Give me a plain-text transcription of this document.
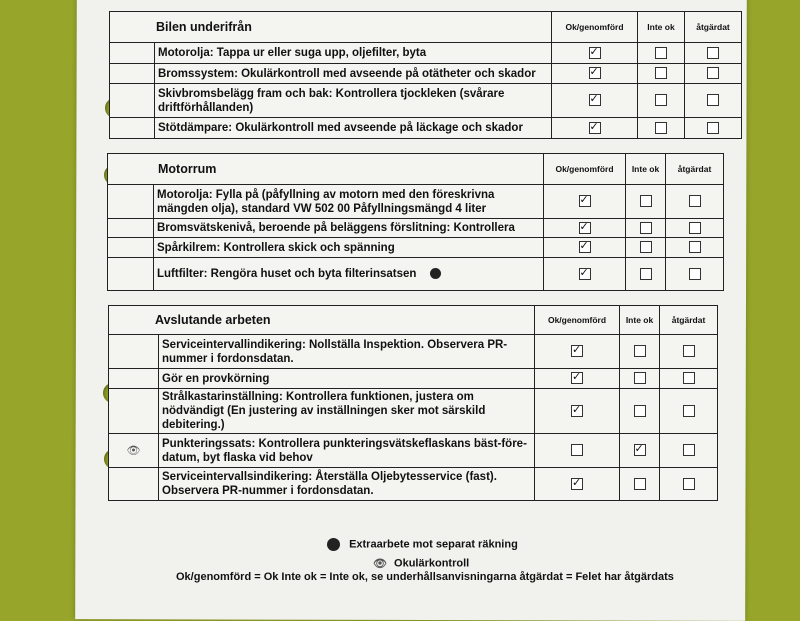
Bilen underifrån		Ok/genomförd	Inte ok	åtgärdat
	Motorolja: Tappa ur eller suga upp, oljefilter, byta	✓		
	Bromssystem: Okulärkontroll med avseende på otätheter och skador	✓		
	Skivbromsbelägg fram och bak: Kontrollera tjockleken (svårare driftförhållanden)	✓		
	Stötdämpare: Okulärkontroll med avseende på läckage och skador	✓		
Motorrum		Ok/genomförd	Inte ok	åtgärdat
	Motorolja: Fylla på (påfyllning av motorn med den föreskrivna mängden olja), standard VW 502 00 Påfyllningsmängd 4 liter	✓		
	Bromsvätskenivå, beroende på beläggens förslitning: Kontrollera	✓		
	Spårkilrem: Kontrollera skick och spänning	✓		
	Luftfilter: Rengöra huset och byta filterinsatsen	✓		
Avslutande arbeten		Ok/genomförd	Inte ok	åtgärdat
	Serviceintervallindikering: Nollställa Inspektion. Observera PR-nummer i fordonsdatan.	✓		
	Gör en provkörning	✓		
	Strålkastarinställning: Kontrollera funktionen, justera om nödvändigt (En justering av inställningen sker mot särskild debitering.)	✓		
👁	Punkteringssats: Kontrollera punkteringsvätskeflaskans bäst-före-datum, byt flaska vid behov		✓	
	Serviceintervallsindikering: Återställa Oljebytesservice (fast). Observera PR-nummer i fordonsdatan.	✓		
Extraarbete mot separat räkning
👁 Okulärkontroll
Ok/genomförd = Ok Inte ok = Inte ok, se underhållsanvisningarna åtgärdat = Felet har åtgärdats
